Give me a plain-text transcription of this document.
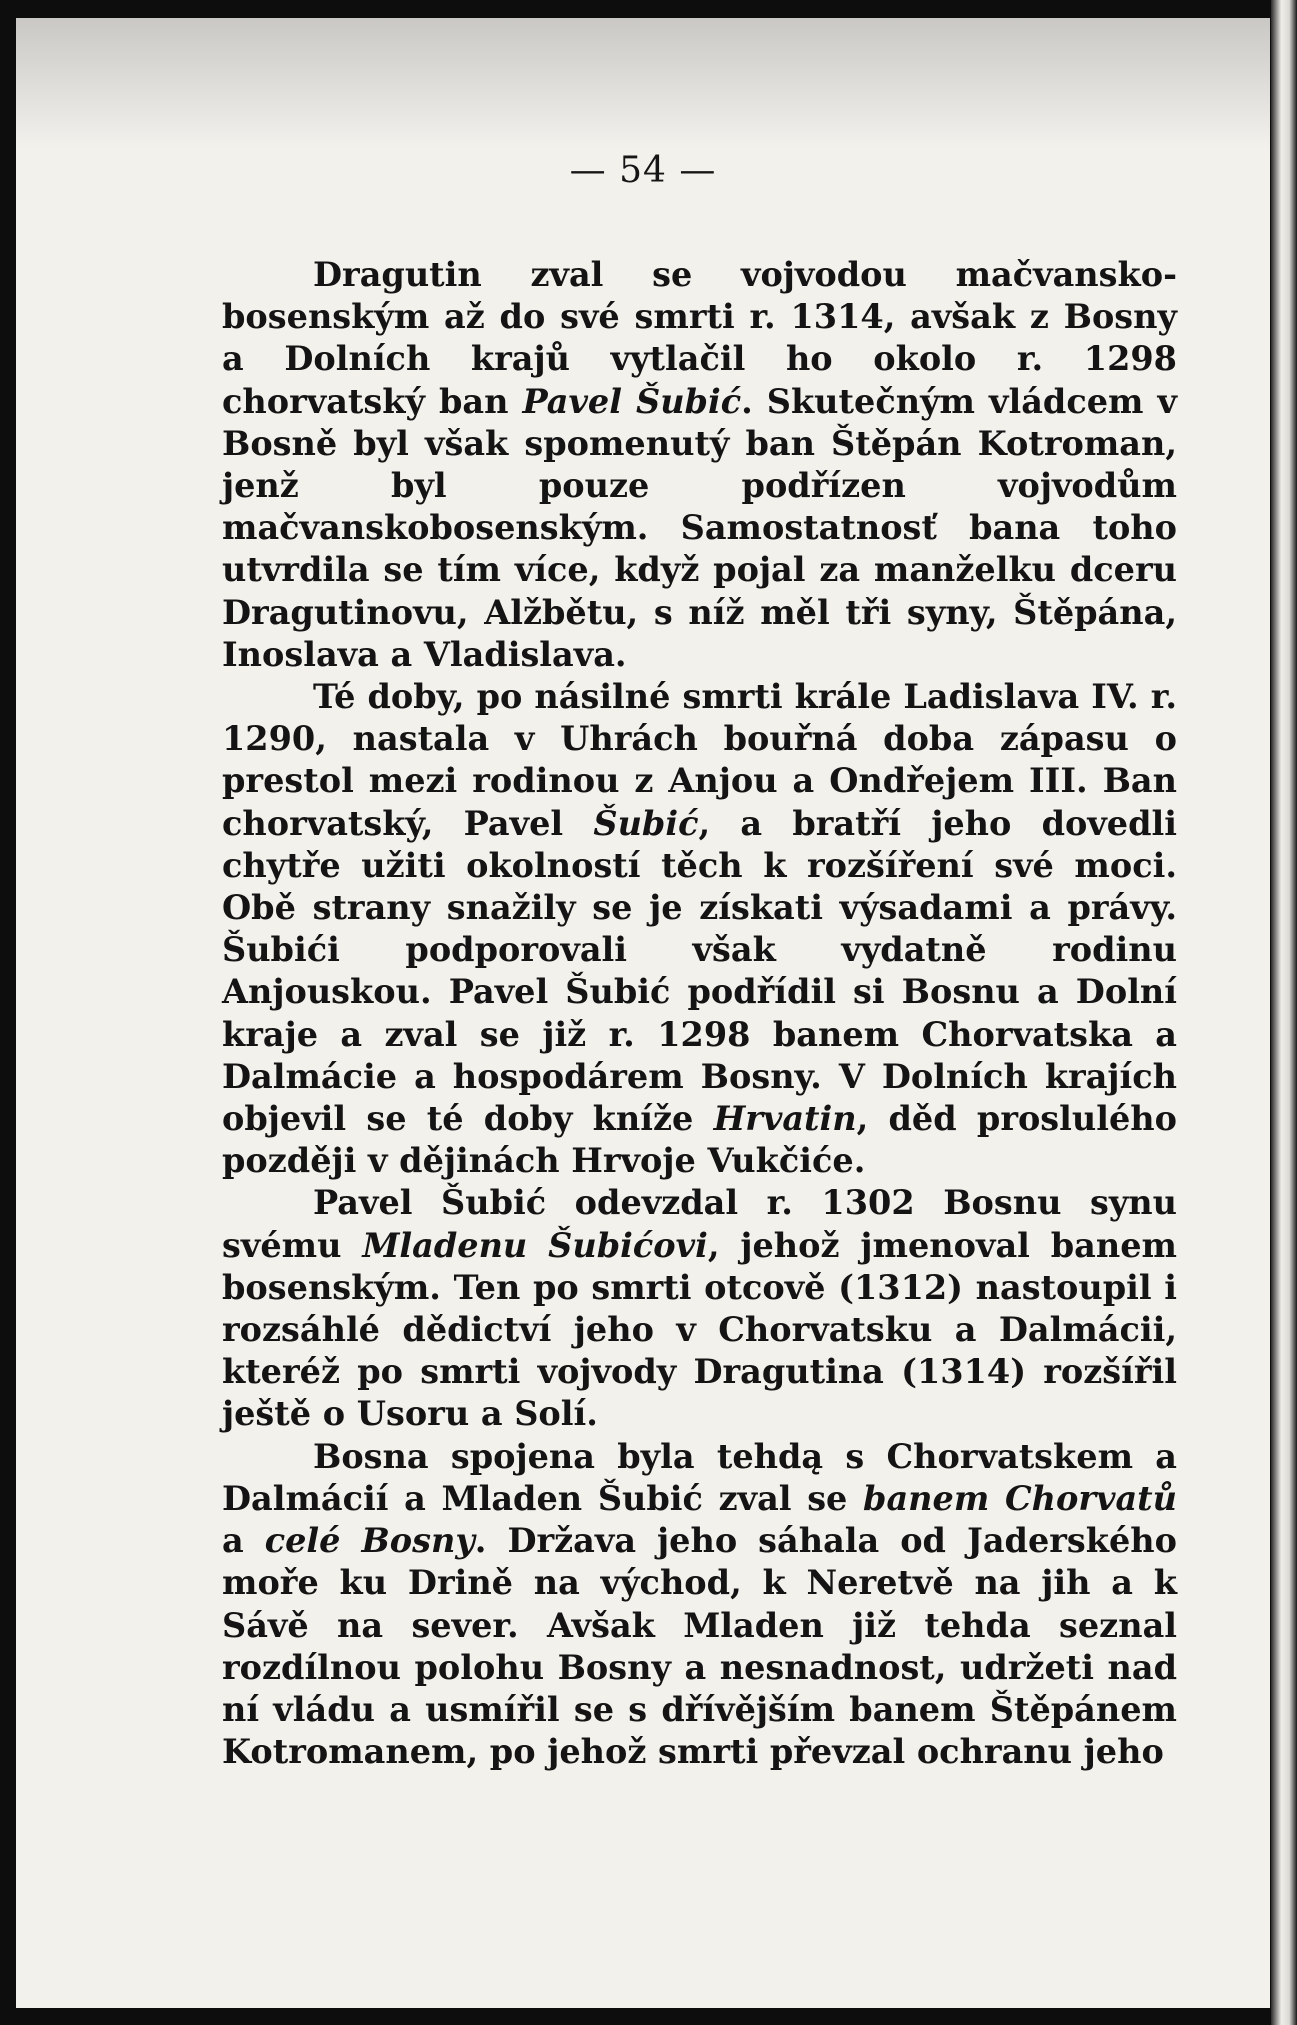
— 54 —

Dragutin zval se vojvodou mačvansko-bosenským až do své smrti r. 1314, avšak z Bosny a Dolních krajů vytlačil ho okolo r. 1298 chorvatský ban Pavel Šubić. Skutečným vládcem v Bosně byl však spomenutý ban Štěpán Kotroman, jenž byl pouze podřízen vojvodům mačvanskobosenským. Samostatnosť bana toho utvrdila se tím více, když pojal za manželku dceru Dragutinovu, Alžbětu, s níž měl tři syny, Štěpána, Inoslava a Vladislava.

Té doby, po násilné smrti krále Ladislava IV. r. 1290, nastala v Uhrách bouřná doba zápasu o prestol mezi rodinou z Anjou a Ondřejem III. Ban chorvatský, Pavel Šubić, a bratří jeho dovedli chytře užiti okolností těch k rozšíření své moci. Obě strany snažily se je získati výsadami a právy. Šubići podporovali však vydatně rodinu Anjouskou. Pavel Šubić podřídil si Bosnu a Dolní kraje a zval se již r. 1298 banem Chorvatska a Dalmácie a hospodárem Bosny. V Dolních krajích objevil se té doby kníže Hrvatin, děd proslulého později v dějinách Hrvoje Vukčiće.

Pavel Šubić odevzdal r. 1302 Bosnu synu svému Mladenu Šubićovi, jehož jmenoval banem bosenským. Ten po smrti otcově (1312) nastoupil i rozsáhlé dědictví jeho v Chorvatsku a Dalmácii, kteréž po smrti vojvody Dragutina (1314) rozšířil ještě o Usoru a Solí.

Bosna spojena byla tehdą s Chorvatskem a Dalmácií a Mladen Šubić zval se banem Chorvatů a celé Bosny. Država jeho sáhala od Jaderského moře ku Drině na východ, k Neretvě na jih a k Sávě na sever. Avšak Mladen již tehda seznal rozdílnou polohu Bosny a nesnadnost, udržeti nad ní vládu a usmířil se s dřívějším banem Štěpánem Kotromanem, po jehož smrti převzal ochranu jeho
